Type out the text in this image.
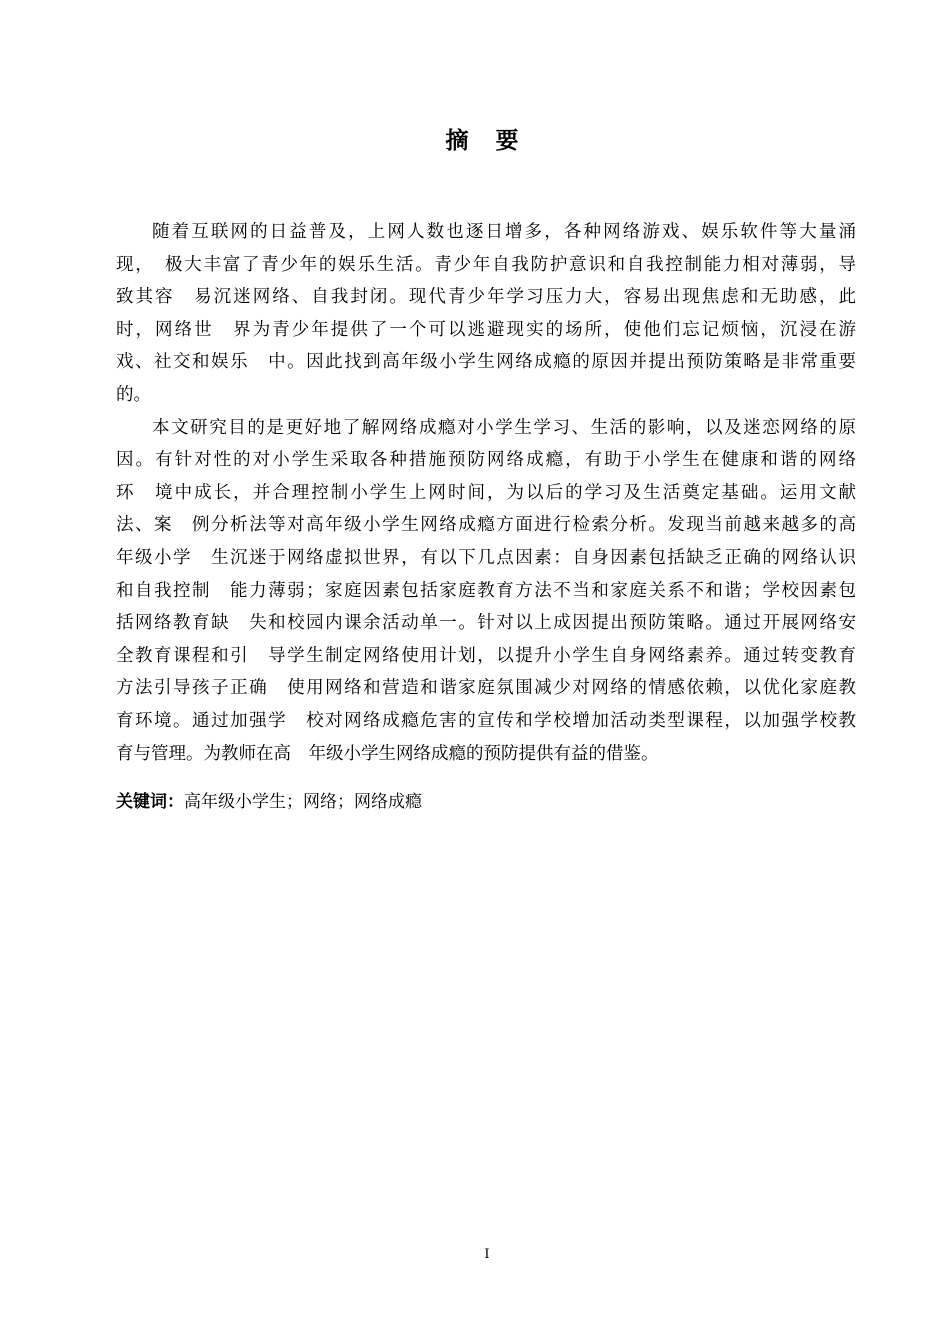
摘　要
随着互联网的日益普及，上网人数也逐日增多，各种网络游戏、娱乐软件等大量涌
现，　极大丰富了青少年的娱乐生活。青少年自我防护意识和自我控制能力相对薄弱，导
致其容　易沉迷网络、自我封闭。现代青少年学习压力大，容易出现焦虑和无助感，此
时，网络世　界为青少年提供了一个可以逃避现实的场所，使他们忘记烦恼，沉浸在游
戏、社交和娱乐　中。因此找到高年级小学生网络成瘾的原因并提出预防策略是非常重要
的。
本文研究目的是更好地了解网络成瘾对小学生学习、生活的影响，以及迷恋网络的原
因。有针对性的对小学生采取各种措施预防网络成瘾，有助于小学生在健康和谐的网络
环　境中成长，并合理控制小学生上网时间，为以后的学习及生活奠定基础。运用文献
法、案　例分析法等对高年级小学生网络成瘾方面进行检索分析。发现当前越来越多的高
年级小学　生沉迷于网络虚拟世界，有以下几点因素：自身因素包括缺乏正确的网络认识
和自我控制　能力薄弱；家庭因素包括家庭教育方法不当和家庭关系不和谐；学校因素包
括网络教育缺　失和校园内课余活动单一。针对以上成因提出预防策略。通过开展网络安
全教育课程和引　导学生制定网络使用计划，以提升小学生自身网络素养。通过转变教育
方法引导孩子正确　使用网络和营造和谐家庭氛围减少对网络的情感依赖，以优化家庭教
育环境。通过加强学　校对网络成瘾危害的宣传和学校增加活动类型课程，以加强学校教
育与管理。为教师在高　年级小学生网络成瘾的预防提供有益的借鉴。
关键词：高年级小学生；网络；网络成瘾
I
